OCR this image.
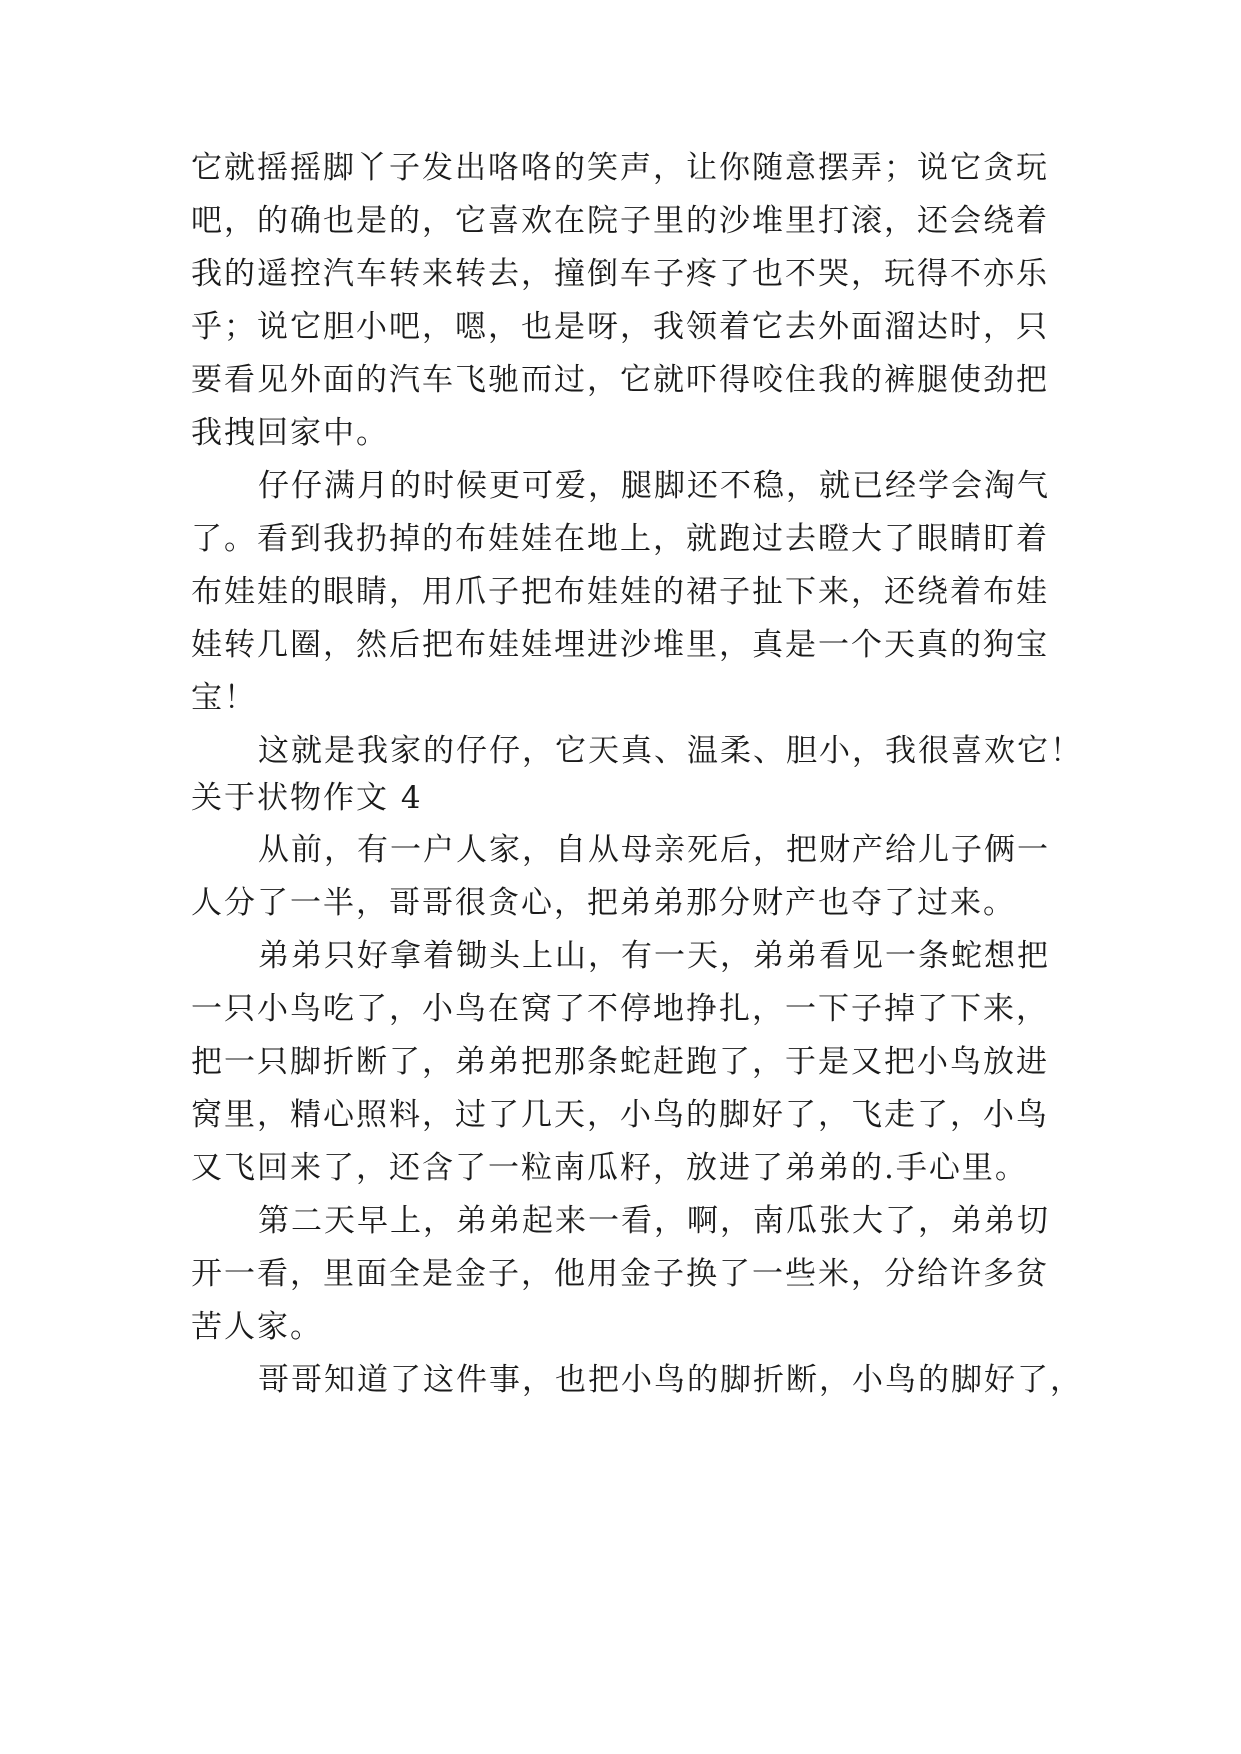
它就摇摇脚丫子发出咯咯的笑声，让你随意摆弄；说它贪玩
吧，的确也是的，它喜欢在院子里的沙堆里打滚，还会绕着
我的遥控汽车转来转去，撞倒车子疼了也不哭，玩得不亦乐
乎；说它胆小吧，嗯，也是呀，我领着它去外面溜达时，只
要看见外面的汽车飞驰而过，它就吓得咬住我的裤腿使劲把
我拽回家中。
仔仔满月的时候更可爱，腿脚还不稳，就已经学会淘气
了。看到我扔掉的布娃娃在地上，就跑过去瞪大了眼睛盯着
布娃娃的眼睛，用爪子把布娃娃的裙子扯下来，还绕着布娃
娃转几圈，然后把布娃娃埋进沙堆里，真是一个天真的狗宝
宝！
这就是我家的仔仔，它天真、温柔、胆小，我很喜欢它！
关于状物作文 4
从前，有一户人家，自从母亲死后，把财产给儿子俩一
人分了一半，哥哥很贪心，把弟弟那分财产也夺了过来。
弟弟只好拿着锄头上山，有一天，弟弟看见一条蛇想把
一只小鸟吃了，小鸟在窝了不停地挣扎，一下子掉了下来，
把一只脚折断了，弟弟把那条蛇赶跑了，于是又把小鸟放进
窝里，精心照料，过了几天，小鸟的脚好了，飞走了，小鸟
又飞回来了，还含了一粒南瓜籽，放进了弟弟的.手心里。
第二天早上，弟弟起来一看，啊，南瓜张大了，弟弟切
开一看，里面全是金子，他用金子换了一些米，分给许多贫
苦人家。
哥哥知道了这件事，也把小鸟的脚折断，小鸟的脚好了，
